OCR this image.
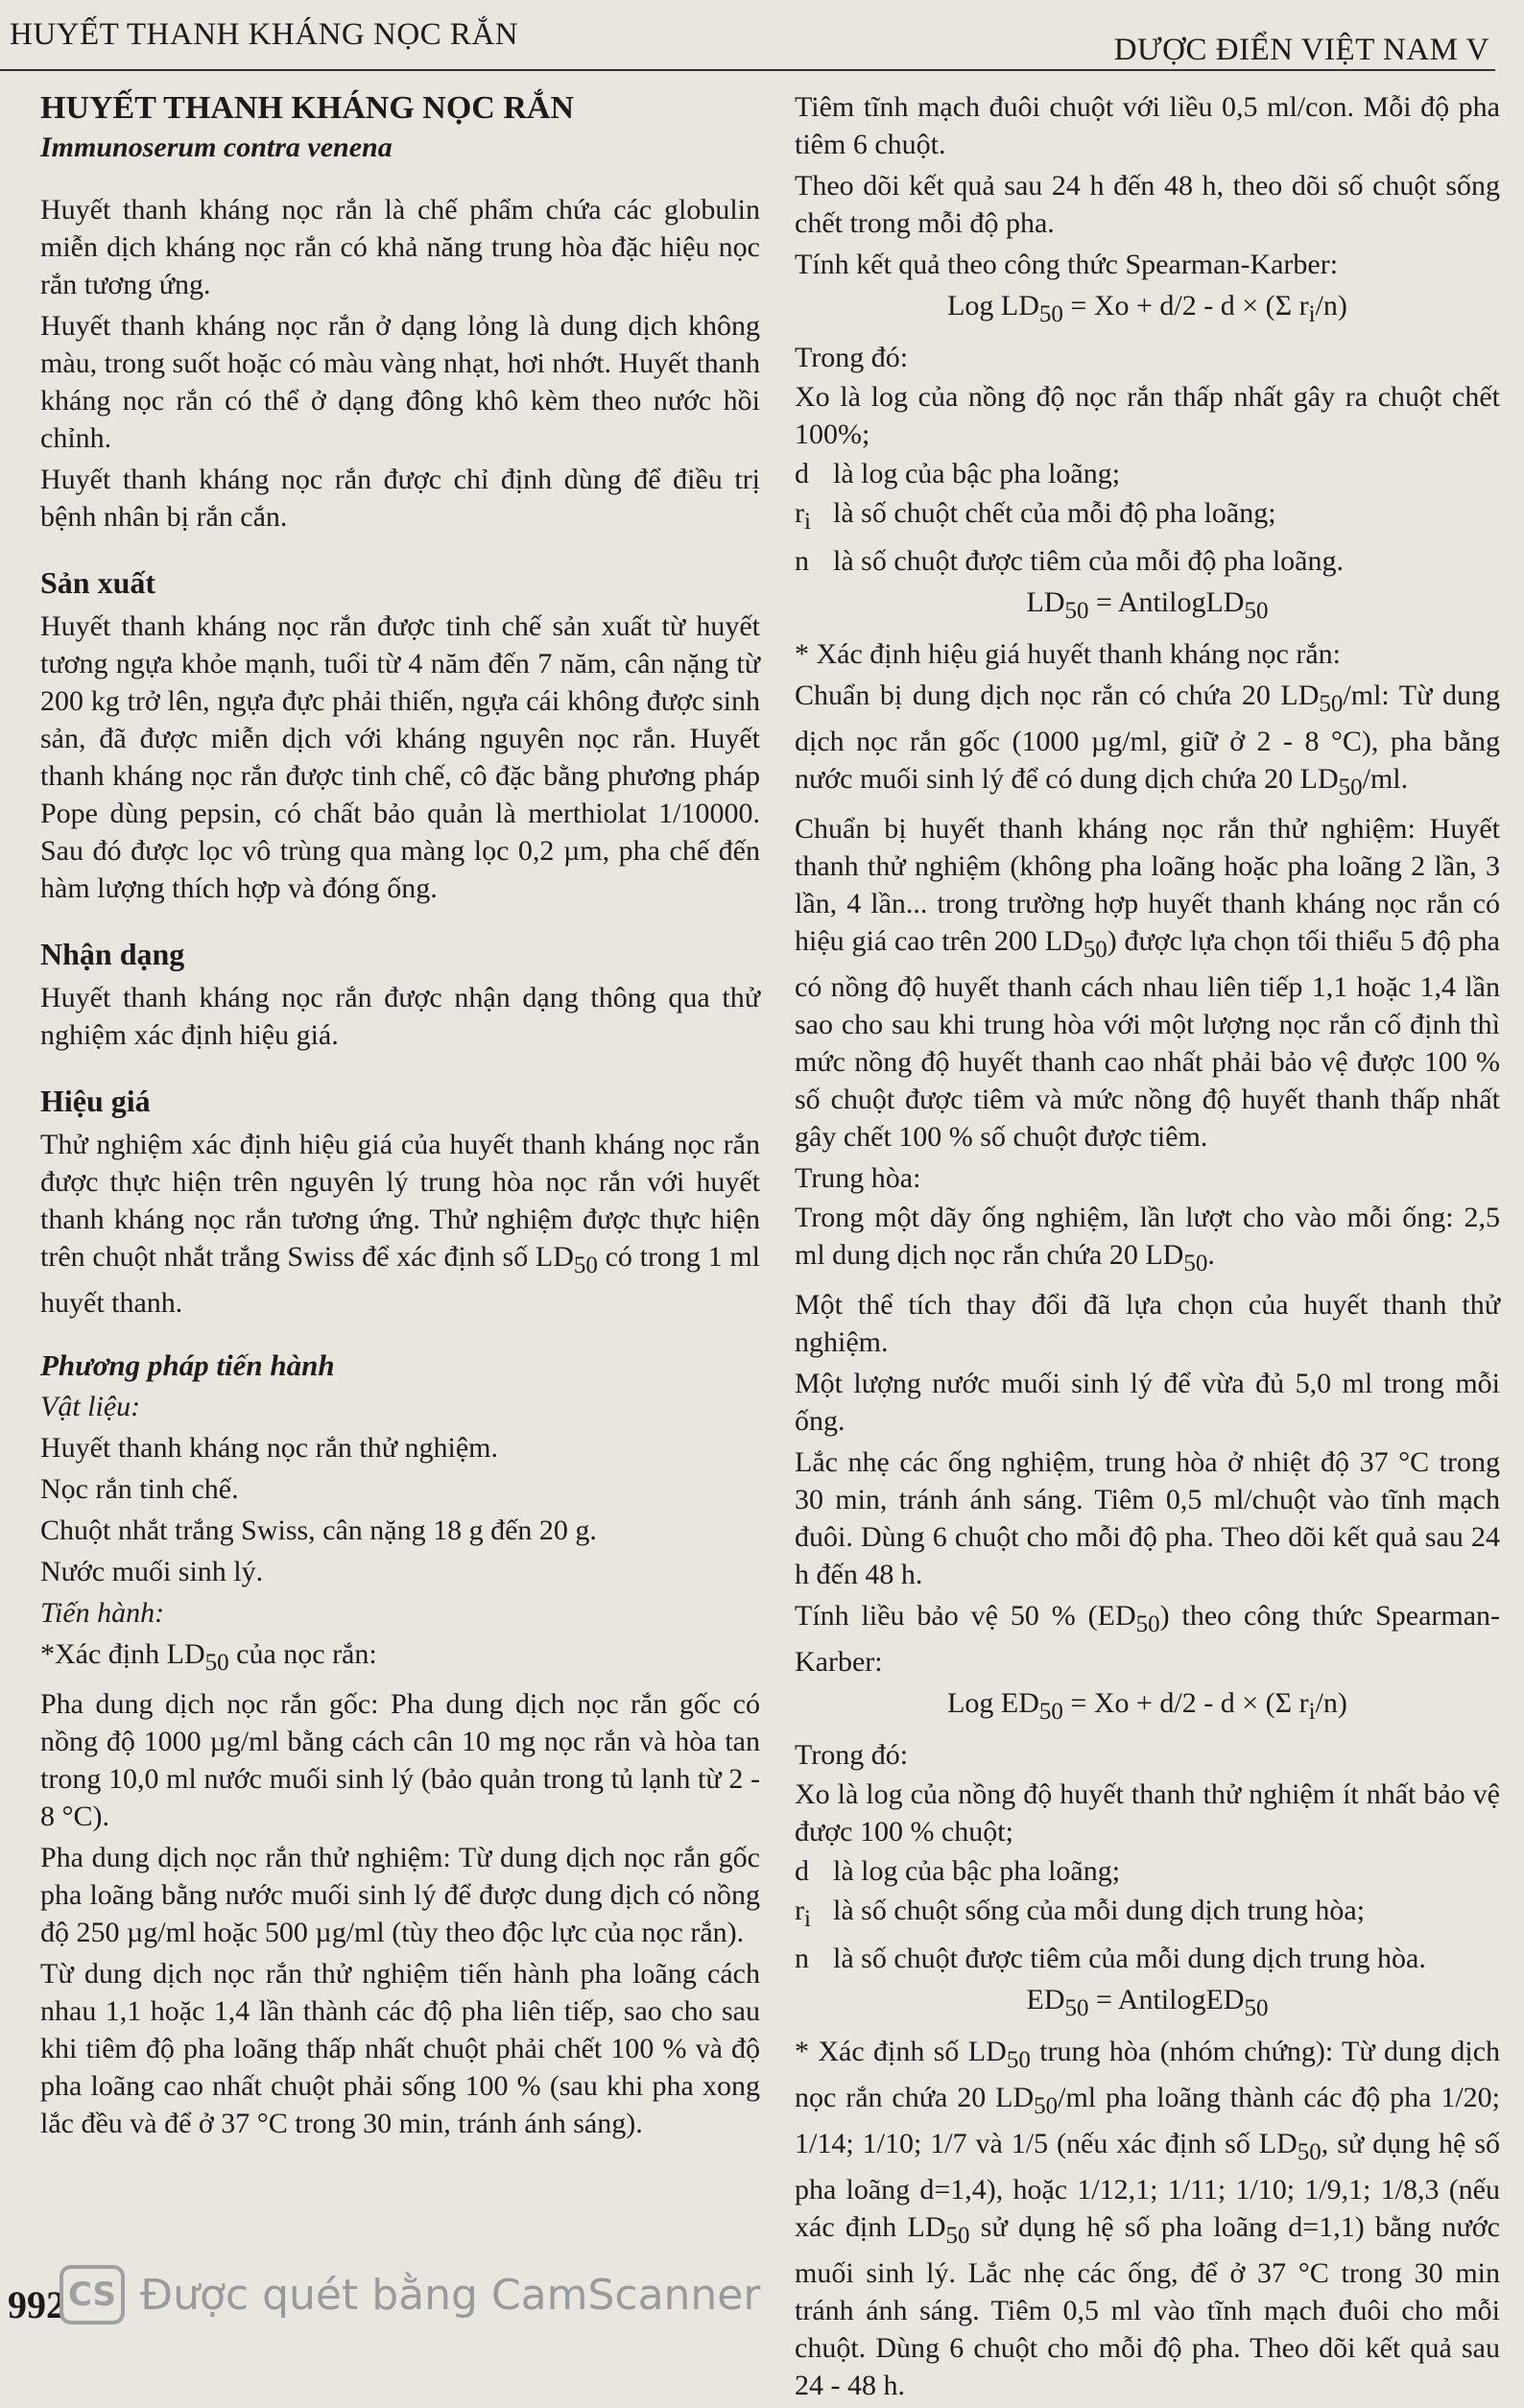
HUYẾT THANH KHÁNG NỌC RẮN	DƯỢC ĐIỂN VIỆT NAM V
HUYẾT THANH KHÁNG NỌC RẮN
Immunoserum contra venena

Huyết thanh kháng nọc rắn là chế phẩm chứa các globulin miễn dịch kháng nọc rắn có khả năng trung hòa đặc hiệu nọc rắn tương ứng.

Huyết thanh kháng nọc rắn ở dạng lỏng là dung dịch không màu, trong suốt hoặc có màu vàng nhạt, hơi nhớt. Huyết thanh kháng nọc rắn có thể ở dạng đông khô kèm theo nước hồi chỉnh.

Huyết thanh kháng nọc rắn được chỉ định dùng để điều trị bệnh nhân bị rắn cắn.

Sản xuất

Huyết thanh kháng nọc rắn được tinh chế sản xuất từ huyết tương ngựa khỏe mạnh, tuổi từ 4 năm đến 7 năm, cân nặng từ 200 kg trở lên, ngựa đực phải thiến, ngựa cái không được sinh sản, đã được miễn dịch với kháng nguyên nọc rắn. Huyết thanh kháng nọc rắn được tinh chế, cô đặc bằng phương pháp Pope dùng pepsin, có chất bảo quản là merthiolat 1/10000. Sau đó được lọc vô trùng qua màng lọc 0,2 µm, pha chế đến hàm lượng thích hợp và đóng ống.

Nhận dạng

Huyết thanh kháng nọc rắn được nhận dạng thông qua thử nghiệm xác định hiệu giá.

Hiệu giá

Thử nghiệm xác định hiệu giá của huyết thanh kháng nọc rắn được thực hiện trên nguyên lý trung hòa nọc rắn với huyết thanh kháng nọc rắn tương ứng. Thử nghiệm được thực hiện trên chuột nhắt trắng Swiss để xác định số $LD_{50}$ có trong 1 ml huyết thanh.

Phương pháp tiến hành
Vật liệu:
Huyết thanh kháng nọc rắn thử nghiệm.
Nọc rắn tinh chế.
Chuột nhắt trắng Swiss, cân nặng 18 g đến 20 g.
Nước muối sinh lý.
Tiến hành:
*Xác định $LD_{50}$ của nọc rắn:

Pha dung dịch nọc rắn gốc: Pha dung dịch nọc rắn gốc có nồng độ 1000 µg/ml bằng cách cân 10 mg nọc rắn và hòa tan trong 10,0 ml nước muối sinh lý (bảo quản trong tủ lạnh từ 2 - 8 °C).

Pha dung dịch nọc rắn thử nghiệm: Từ dung dịch nọc rắn gốc pha loãng bằng nước muối sinh lý để được dung dịch có nồng độ 250 µg/ml hoặc 500 µg/ml (tùy theo độc lực của nọc rắn).

Từ dung dịch nọc rắn thử nghiệm tiến hành pha loãng cách nhau 1,1 hoặc 1,4 lần thành các độ pha liên tiếp, sao cho sau khi tiêm độ pha loãng thấp nhất chuột phải chết 100 % và độ pha loãng cao nhất chuột phải sống 100 % (sau khi pha xong lắc đều và để ở 37 °C trong 30 min, tránh ánh sáng).

Tiêm tĩnh mạch đuôi chuột với liều 0,5 ml/con. Mỗi độ pha tiêm 6 chuột.

Theo dõi kết quả sau 24 h đến 48 h, theo dõi số chuột sống chết trong mỗi độ pha.

Tính kết quả theo công thức Spearman-Karber:

Log $LD_{50} = Xo + d/2 - d \times (\Sigma$ $r_i/n$)

Trong đó:

Xo là log của nồng độ nọc rắn thấp nhất gây ra chuột chết 100%;

d là log của bậc pha loãng;

$r_i$ là số chuột chết của mỗi độ pha loãng;

n là số chuột được tiêm của mỗi độ pha loãng.

$LD_{50}$ = AntilogLD$_{50}$

* Xác định hiệu giá huyết thanh kháng nọc rắn:

Chuẩn bị dung dịch nọc rắn có chứa 20 $LD_{50}/ml$: Từ dung dịch nọc rắn gốc (1000 µg/ml, giữ ở 2 - 8 °C), pha bằng nước muối sinh lý để có dung dịch chứa 20 $LD_{50}/ml$.

Chuẩn bị huyết thanh kháng nọc rắn thử nghiệm: Huyết thanh thử nghiệm (không pha loãng hoặc pha loãng 2 lần, 3 lần, 4 lần... trong trường hợp huyết thanh kháng nọc rắn có hiệu giá cao trên 200 $LD_{50}$) được lựa chọn tối thiểu 5 độ pha có nồng độ huyết thanh cách nhau liên tiếp 1,1 hoặc 1,4 lần sao cho sau khi trung hòa với một lượng nọc rắn cố định thì mức nồng độ huyết thanh cao nhất phải bảo vệ được 100 % số chuột được tiêm và mức nồng độ huyết thanh thấp nhất gây chết 100 % số chuột được tiêm.

Trung hòa:

Trong một dãy ống nghiệm, lần lượt cho vào mỗi ống: 2,5 ml dung dịch nọc rắn chứa 20 $LD_{50}$.

Một thể tích thay đổi đã lựa chọn của huyết thanh thử nghiệm.

Một lượng nước muối sinh lý để vừa đủ 5,0 ml trong mỗi ống.

Lắc nhẹ các ống nghiệm, trung hòa ở nhiệt độ 37 °C trong 30 min, tránh ánh sáng. Tiêm 0,5 ml/chuột vào tĩnh mạch đuôi. Dùng 6 chuột cho mỗi độ pha. Theo dõi kết quả sau 24 h đến 48 h.

Tính liều bảo vệ 50 % $(ED_{50})$ theo công thức Spearman-Karber:

Log $ED_{50} = Xo + d/2 - d \times (\Sigma$ $r_i/n$)

Trong đó:

Xo là log của nồng độ huyết thanh thử nghiệm ít nhất bảo vệ được 100 % chuột;

d là log của bậc pha loãng;

$r_i$ là số chuột sống của mỗi dung dịch trung hòa;

n là số chuột được tiêm của mỗi dung dịch trung hòa.

$ED_{50}$ = AntilogED$_{50}$

* Xác định số $LD_{50}$ trung hòa (nhóm chứng): Từ dung dịch nọc rắn chứa 20 $LD_{50}/ml$ pha loãng thành các độ pha 1/20; 1/14; 1/10; 1/7 và 1/5 (nếu xác định số $LD_{50}$, sử dụng hệ số pha loãng d=1,4), hoặc 1/12,1; 1/11; 1/10; 1/9,1; 1/8,3 (nếu xác định $LD_{50}$ sử dụng hệ số pha loãng d=1,1) bằng nước muối sinh lý. Lắc nhẹ các ống, để ở 37 °C trong 30 min tránh ánh sáng. Tiêm 0,5 ml vào tĩnh mạch đuôi cho mỗi chuột. Dùng 6 chuột cho mỗi độ pha. Theo dõi kết quả sau 24 - 48 h.

992 CS Được quét bằng CamScanner
